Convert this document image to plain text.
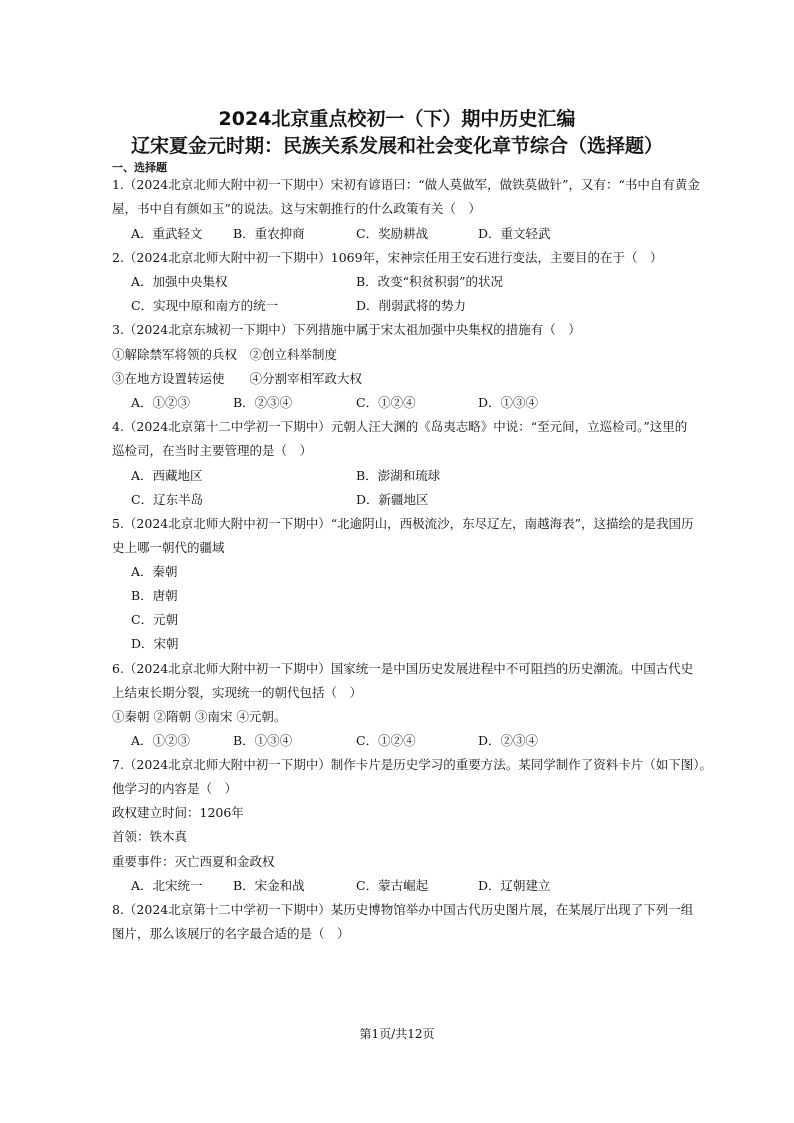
2024北京重点校初一（下）期中历史汇编
辽宋夏金元时期：民族关系发展和社会变化章节综合（选择题）
一、选择题
1.（2024北京北师大附中初一下期中）宋初有谚语曰：“做人莫做军，做铁莫做针”，又有：“书中自有黄金
屋，书中自有颜如玉”的说法。这与宋朝推行的什么政策有关（　）
A．重武轻文 B．重农抑商	C．奖励耕战	D．重文轻武
2.（2024北京北师大附中初一下期中）1069年，宋神宗任用王安石进行变法，主要目的在于（　）
A．加强中央集权	B．改变“积贫积弱”的状况
C．实现中原和南方的统一	D．削弱武将的势力
3.（2024北京东城初一下期中）下列措施中属于宋太祖加强中央集权的措施有（　）
①解除禁军将领的兵权　②创立科举制度
③在地方设置转运使　　④分割宰相军政大权
A．①②③	B．②③④	C．①②④	D．①③④
4.（2024北京第十二中学初一下期中）元朝人汪大渊的《岛夷志略》中说：“至元间，立巡检司。”这里的
巡检司，在当时主要管理的是（　）
A．西藏地区	B．澎湖和琉球
C．辽东半岛	D．新疆地区
5.（2024北京北师大附中初一下期中）“北逾阴山，西极流沙，东尽辽左，南越海表”，这描绘的是我国历
史上哪一朝代的疆域
A．秦朝
B．唐朝
C．元朝
D．宋朝
6.（2024北京北师大附中初一下期中）国家统一是中国历史发展进程中不可阻挡的历史潮流。中国古代史
上结束长期分裂，实现统一的朝代包括（　）
①秦朝 ②隋朝 ③南宋 ④元朝。
A．①②③	B．①③④	C．①②④	D．②③④
7.（2024北京北师大附中初一下期中）制作卡片是历史学习的重要方法。某同学制作了资料卡片（如下图）。
他学习的内容是（　）
政权建立时间：1206年
首领：铁木真
重要事件：灭亡西夏和金政权
A．北宋统一 B．宋金和战	C．蒙古崛起	D．辽朝建立
8.（2024北京第十二中学初一下期中）某历史博物馆举办中国古代历史图片展，在某展厅出现了下列一组
图片，那么该展厅的名字最合适的是（　）
第1页/共12页
